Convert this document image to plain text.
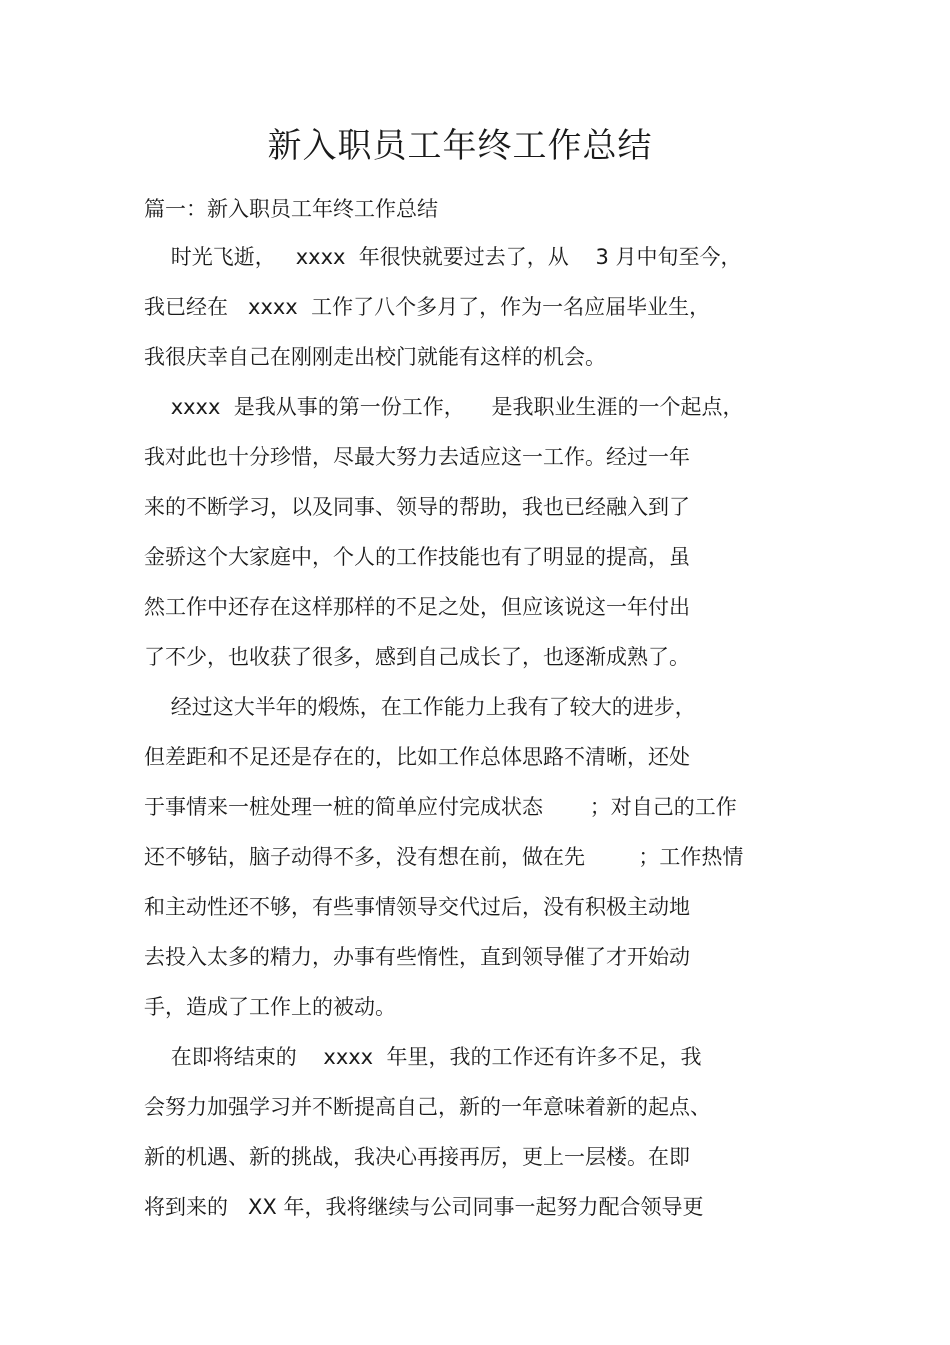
新入职员工年终工作总结

篇一：新入职员工年终工作总结

时光飞逝，   xxxx  年很快就要过去了，从    3 月中旬至今，
我已经在   xxxx  工作了八个多月了，作为一名应届毕业生，
我很庆幸自己在刚刚走出校门就能有这样的机会。
xxxx  是我从事的第一份工作，    是我职业生涯的一个起点，
我对此也十分珍惜，尽最大努力去适应这一工作。经过一年
来的不断学习，以及同事、领导的帮助，我也已经融入到了
金骄这个大家庭中，个人的工作技能也有了明显的提高，虽
然工作中还存在这样那样的不足之处，但应该说这一年付出
了不少，也收获了很多，感到自己成长了，也逐渐成熟了。
经过这大半年的煅炼，在工作能力上我有了较大的进步，
但差距和不足还是存在的，比如工作总体思路不清晰，还处
于事情来一桩处理一桩的简单应付完成状态       ；对自己的工作
还不够钻，脑子动得不多，没有想在前，做在先        ；工作热情
和主动性还不够，有些事情领导交代过后，没有积极主动地
去投入太多的精力，办事有些惰性，直到领导催了才开始动
手，造成了工作上的被动。
在即将结束的    xxxx  年里，我的工作还有许多不足，我
会努力加强学习并不断提高自己，新的一年意味着新的起点、
新的机遇、新的挑战，我决心再接再厉，更上一层楼。在即
将到来的   XX 年，我将继续与公司同事一起努力配合领导更
